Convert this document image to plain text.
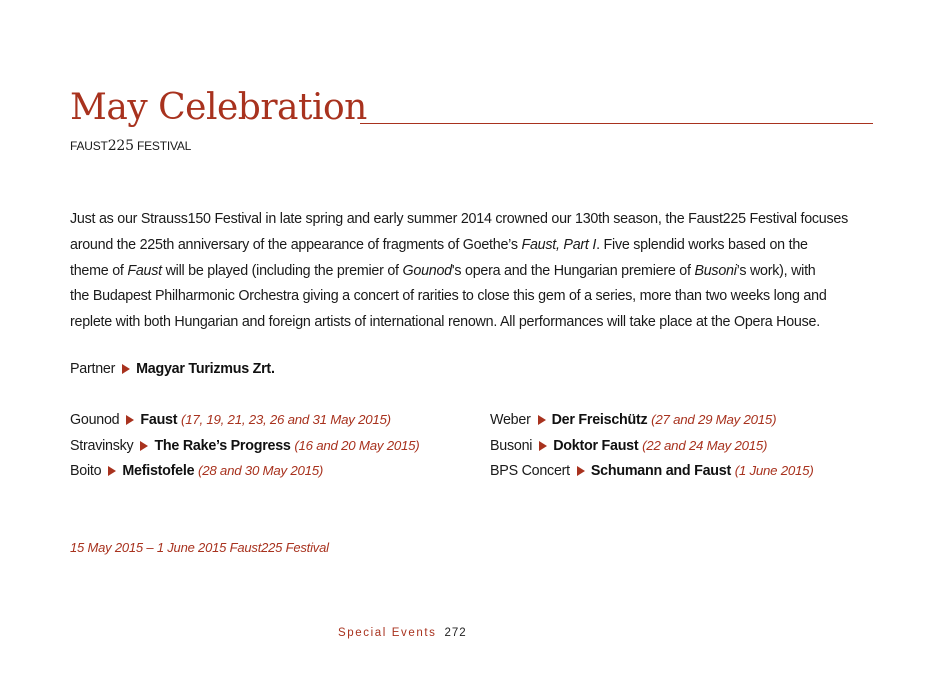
May Celebration
FAUST225 FESTIVAL
Just as our Strauss150 Festival in late spring and early summer 2014 crowned our 130th season, the Faust225 Festival focuses
around the 225th anniversary of the appearance of fragments of Goethe’s Faust, Part I. Five splendid works based on the
theme of Faust will be played (including the premier of Gounod's opera and the Hungarian premiere of Busoni’s work), with
the Budapest Philharmonic Orchestra giving a concert of rarities to close this gem of a series, more than two weeks long and
replete with both Hungarian and foreign artists of international renown. All performances will take place at the Opera House.
Partner Magyar Turizmus Zrt.
Gounod Faust (17, 19, 21, 23, 26 and 31 May 2015)
Stravinsky The Rake’s Progress (16 and 20 May 2015)
Boito Mefistofele (28 and 30 May 2015)
Weber Der Freischütz (27 and 29 May 2015)
Busoni Doktor Faust (22 and 24 May 2015)
BPS Concert Schumann and Faust (1 June 2015)
15 May 2015 – 1 June 2015 Faust225 Festival
Special Events 272
